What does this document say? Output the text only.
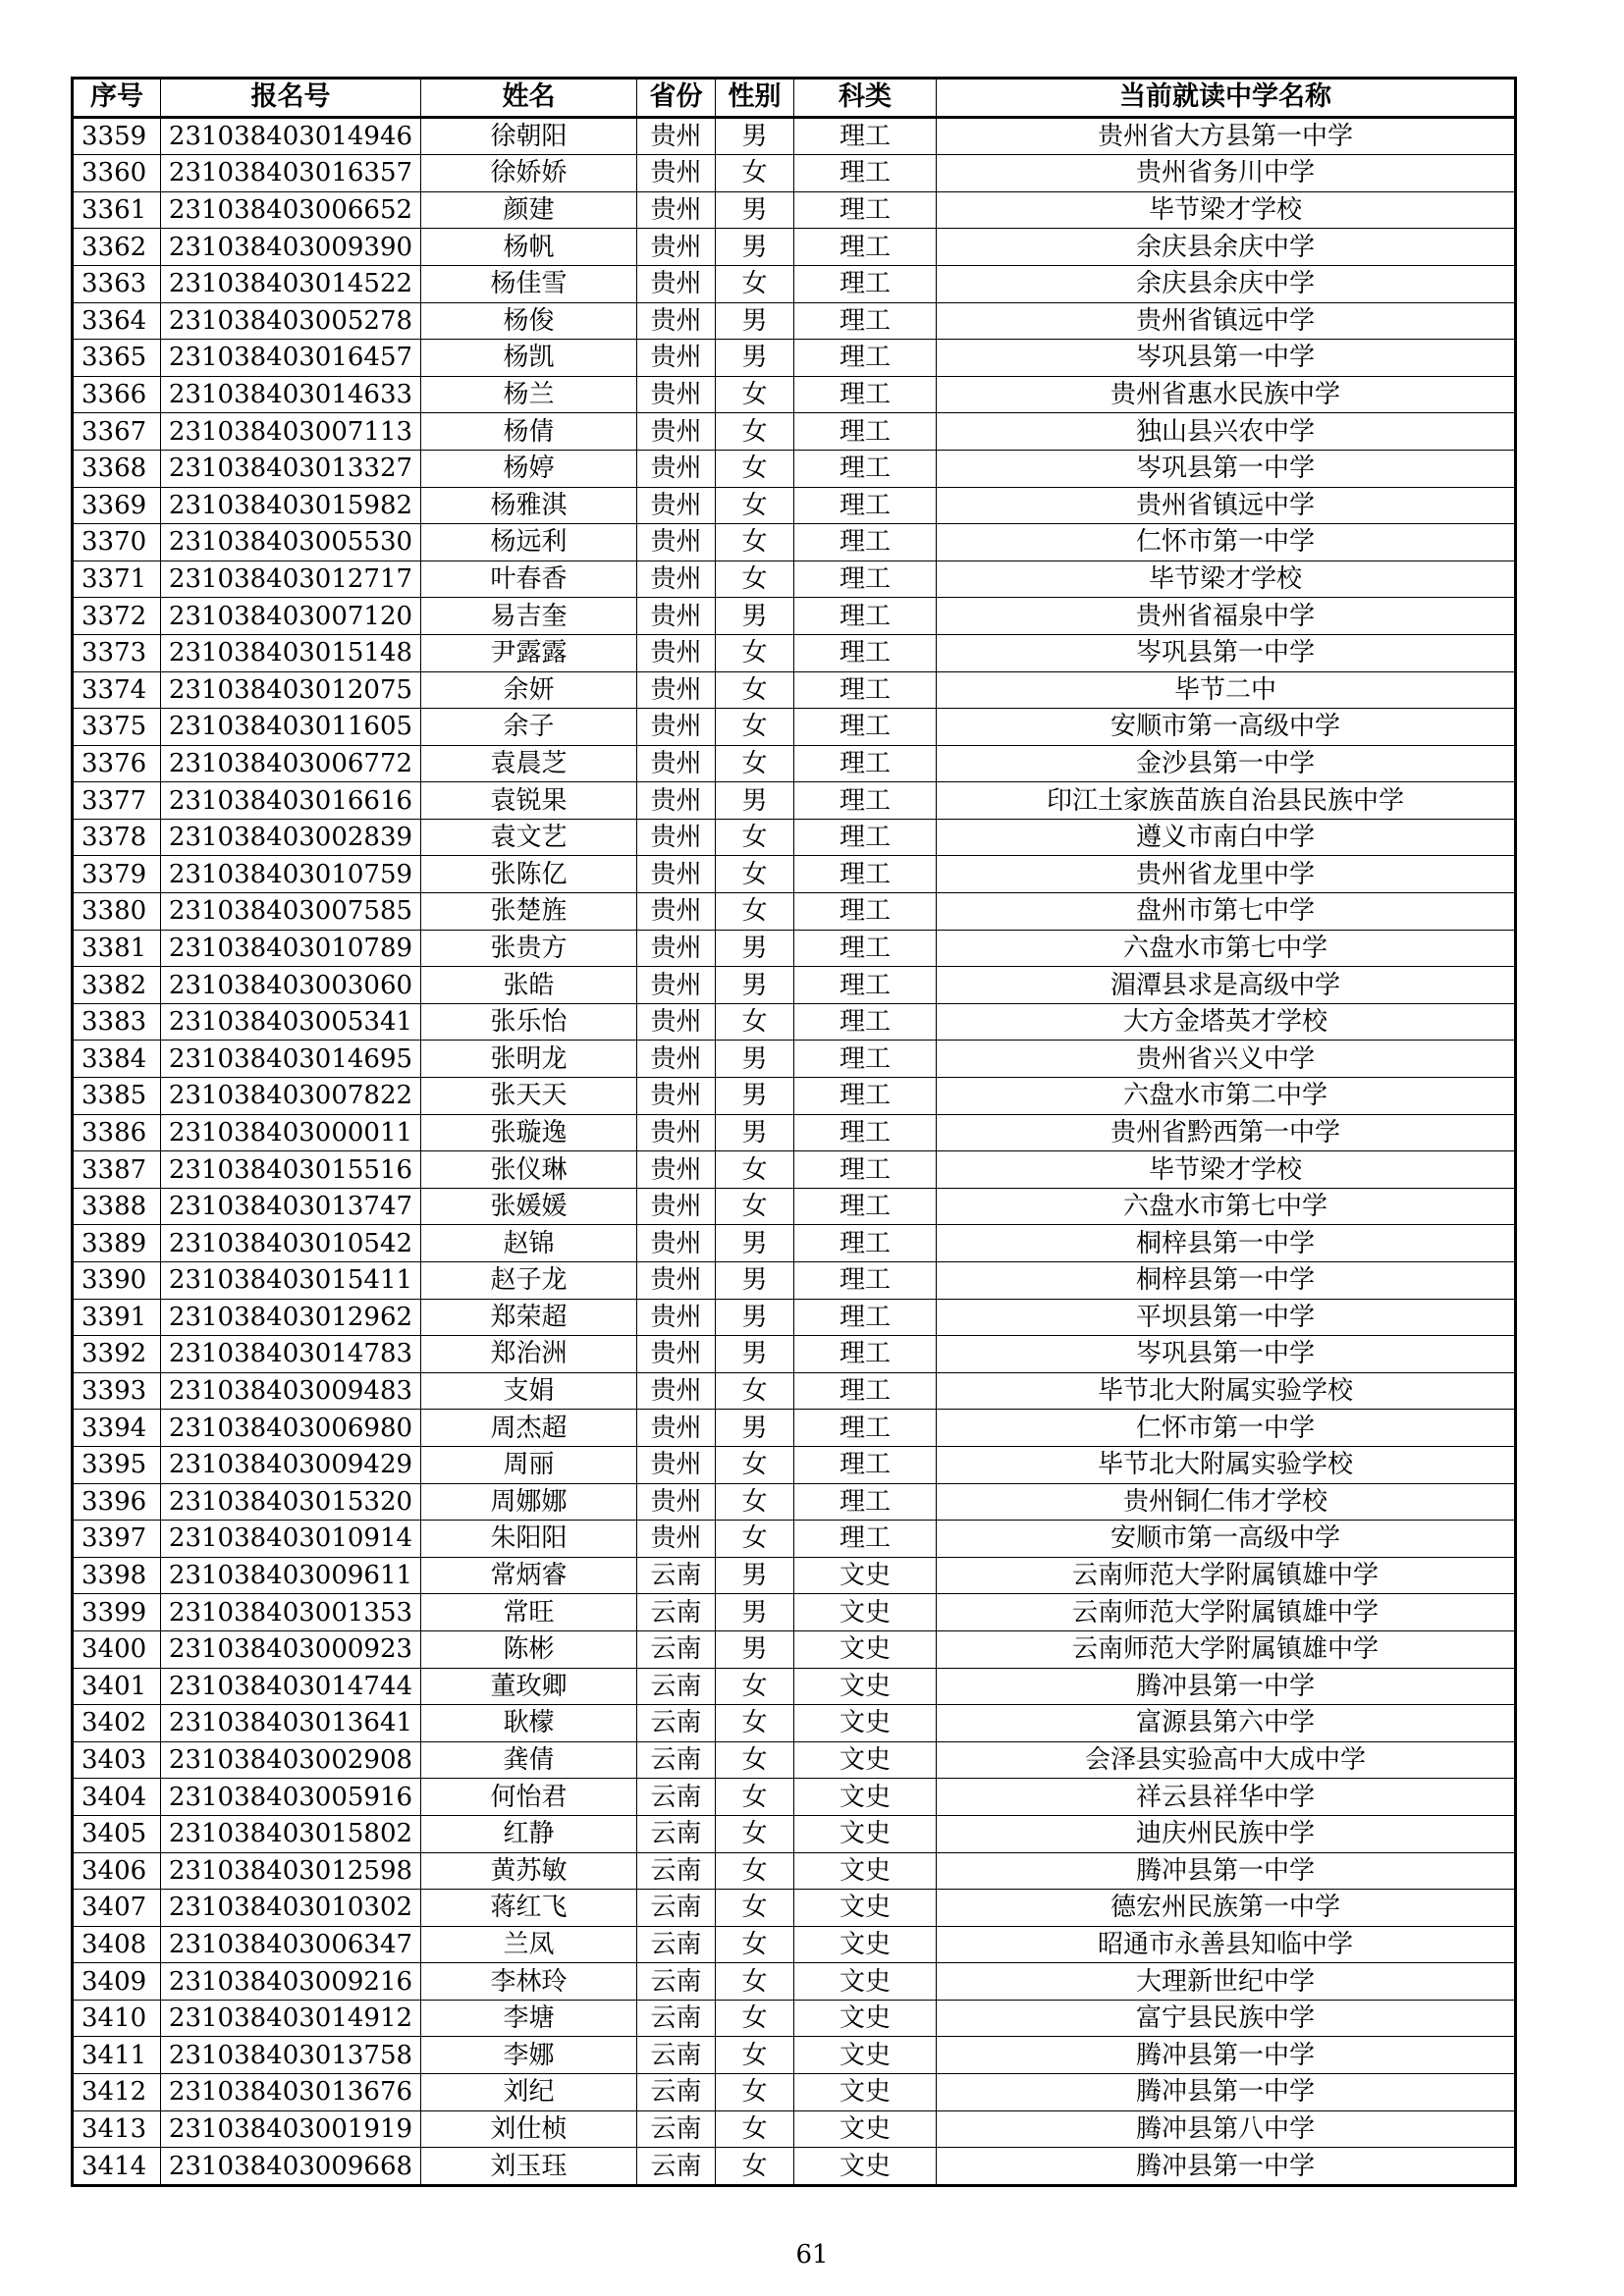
序号	报名号	姓名	省份	性别	科类	当前就读中学名称
3359	231038403014946	徐朝阳	贵州	男	理工	贵州省大方县第一中学
3360	231038403016357	徐娇娇	贵州	女	理工	贵州省务川中学
3361	231038403006652	颜建	贵州	男	理工	毕节梁才学校
3362	231038403009390	杨帆	贵州	男	理工	余庆县余庆中学
3363	231038403014522	杨佳雪	贵州	女	理工	余庆县余庆中学
3364	231038403005278	杨俊	贵州	男	理工	贵州省镇远中学
3365	231038403016457	杨凯	贵州	男	理工	岑巩县第一中学
3366	231038403014633	杨兰	贵州	女	理工	贵州省惠水民族中学
3367	231038403007113	杨倩	贵州	女	理工	独山县兴农中学
3368	231038403013327	杨婷	贵州	女	理工	岑巩县第一中学
3369	231038403015982	杨雅淇	贵州	女	理工	贵州省镇远中学
3370	231038403005530	杨远利	贵州	女	理工	仁怀市第一中学
3371	231038403012717	叶春香	贵州	女	理工	毕节梁才学校
3372	231038403007120	易吉奎	贵州	男	理工	贵州省福泉中学
3373	231038403015148	尹露露	贵州	女	理工	岑巩县第一中学
3374	231038403012075	余妍	贵州	女	理工	毕节二中
3375	231038403011605	余子	贵州	女	理工	安顺市第一高级中学
3376	231038403006772	袁晨芝	贵州	女	理工	金沙县第一中学
3377	231038403016616	袁锐果	贵州	男	理工	印江土家族苗族自治县民族中学
3378	231038403002839	袁文艺	贵州	女	理工	遵义市南白中学
3379	231038403010759	张陈亿	贵州	女	理工	贵州省龙里中学
3380	231038403007585	张楚旌	贵州	女	理工	盘州市第七中学
3381	231038403010789	张贵方	贵州	男	理工	六盘水市第七中学
3382	231038403003060	张皓	贵州	男	理工	湄潭县求是高级中学
3383	231038403005341	张乐怡	贵州	女	理工	大方金塔英才学校
3384	231038403014695	张明龙	贵州	男	理工	贵州省兴义中学
3385	231038403007822	张天天	贵州	男	理工	六盘水市第二中学
3386	231038403000011	张璇逸	贵州	男	理工	贵州省黔西第一中学
3387	231038403015516	张仪琳	贵州	女	理工	毕节梁才学校
3388	231038403013747	张媛媛	贵州	女	理工	六盘水市第七中学
3389	231038403010542	赵锦	贵州	男	理工	桐梓县第一中学
3390	231038403015411	赵子龙	贵州	男	理工	桐梓县第一中学
3391	231038403012962	郑荣超	贵州	男	理工	平坝县第一中学
3392	231038403014783	郑治洲	贵州	男	理工	岑巩县第一中学
3393	231038403009483	支娟	贵州	女	理工	毕节北大附属实验学校
3394	231038403006980	周杰超	贵州	男	理工	仁怀市第一中学
3395	231038403009429	周丽	贵州	女	理工	毕节北大附属实验学校
3396	231038403015320	周娜娜	贵州	女	理工	贵州铜仁伟才学校
3397	231038403010914	朱阳阳	贵州	女	理工	安顺市第一高级中学
3398	231038403009611	常炳睿	云南	男	文史	云南师范大学附属镇雄中学
3399	231038403001353	常旺	云南	男	文史	云南师范大学附属镇雄中学
3400	231038403000923	陈彬	云南	男	文史	云南师范大学附属镇雄中学
3401	231038403014744	董玫卿	云南	女	文史	腾冲县第一中学
3402	231038403013641	耿檬	云南	女	文史	富源县第六中学
3403	231038403002908	龚倩	云南	女	文史	会泽县实验高中大成中学
3404	231038403005916	何怡君	云南	女	文史	祥云县祥华中学
3405	231038403015802	红静	云南	女	文史	迪庆州民族中学
3406	231038403012598	黄苏敏	云南	女	文史	腾冲县第一中学
3407	231038403010302	蒋红飞	云南	女	文史	德宏州民族第一中学
3408	231038403006347	兰凤	云南	女	文史	昭通市永善县知临中学
3409	231038403009216	李林玲	云南	女	文史	大理新世纪中学
3410	231038403014912	李塘	云南	女	文史	富宁县民族中学
3411	231038403013758	李娜	云南	女	文史	腾冲县第一中学
3412	231038403013676	刘纪	云南	女	文史	腾冲县第一中学
3413	231038403001919	刘仕桢	云南	女	文史	腾冲县第八中学
3414	231038403009668	刘玉珏	云南	女	文史	腾冲县第一中学
61
